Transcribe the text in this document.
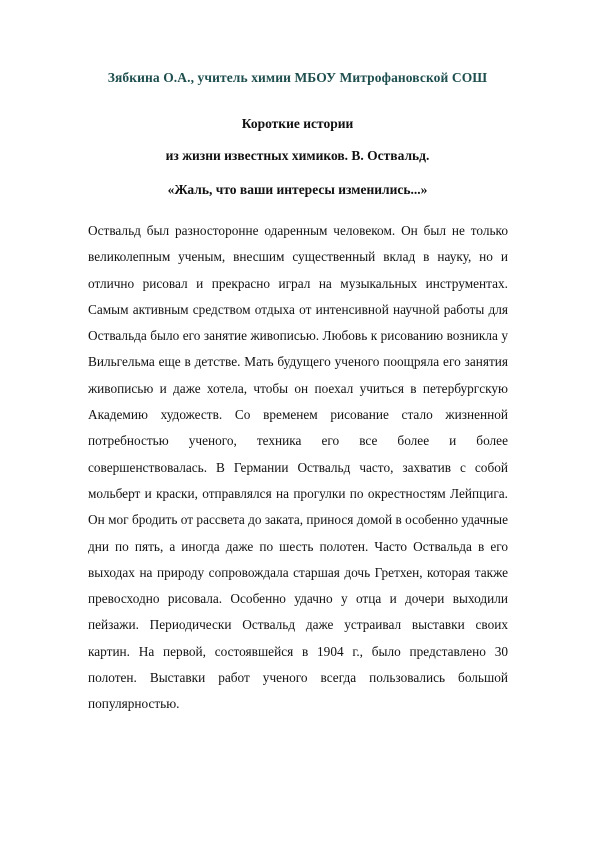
Зябкина О.А., учитель химии МБОУ Митрофановской СОШ
Короткие истории
из жизни известных химиков. В. Оствальд.
«Жаль, что ваши интересы изменились...»

Оствальд был разносторонне одаренным человеком. Он был не только великолепным ученым, внесшим существенный вклад в науку, но и отлично рисовал и прекрасно играл на музыкальных инструментах. Самым активным средством отдыха от интенсивной научной работы для Оствальда было его занятие живописью. Любовь к рисованию возникла у Вильгельма еще в детстве. Мать будущего ученого поощряла его занятия живописью и даже хотела, чтобы он поехал учиться в петербургскую Академию художеств. Со временем рисование стало жизненной потребностью ученого, техника его все более и более совершенствовалась. В Германии Оствальд часто, захватив с собой мольберт и краски, отправлялся на прогулки по окрестностям Лейпцига. Он мог бродить от рассвета до заката, принося домой в особенно удачные дни по пять, а иногда даже по шесть полотен. Часто Оствальда в его выходах на природу сопровождала старшая дочь Гретхен, которая также превосходно рисовала. Особенно удачно у отца и дочери выходили пейзажи. Периодически Оствальд даже устраивал выставки своих картин. На первой, состоявшейся в 1904 г., было представлено 30 полотен. Выставки работ ученого всегда пользовались большой популярностью.
